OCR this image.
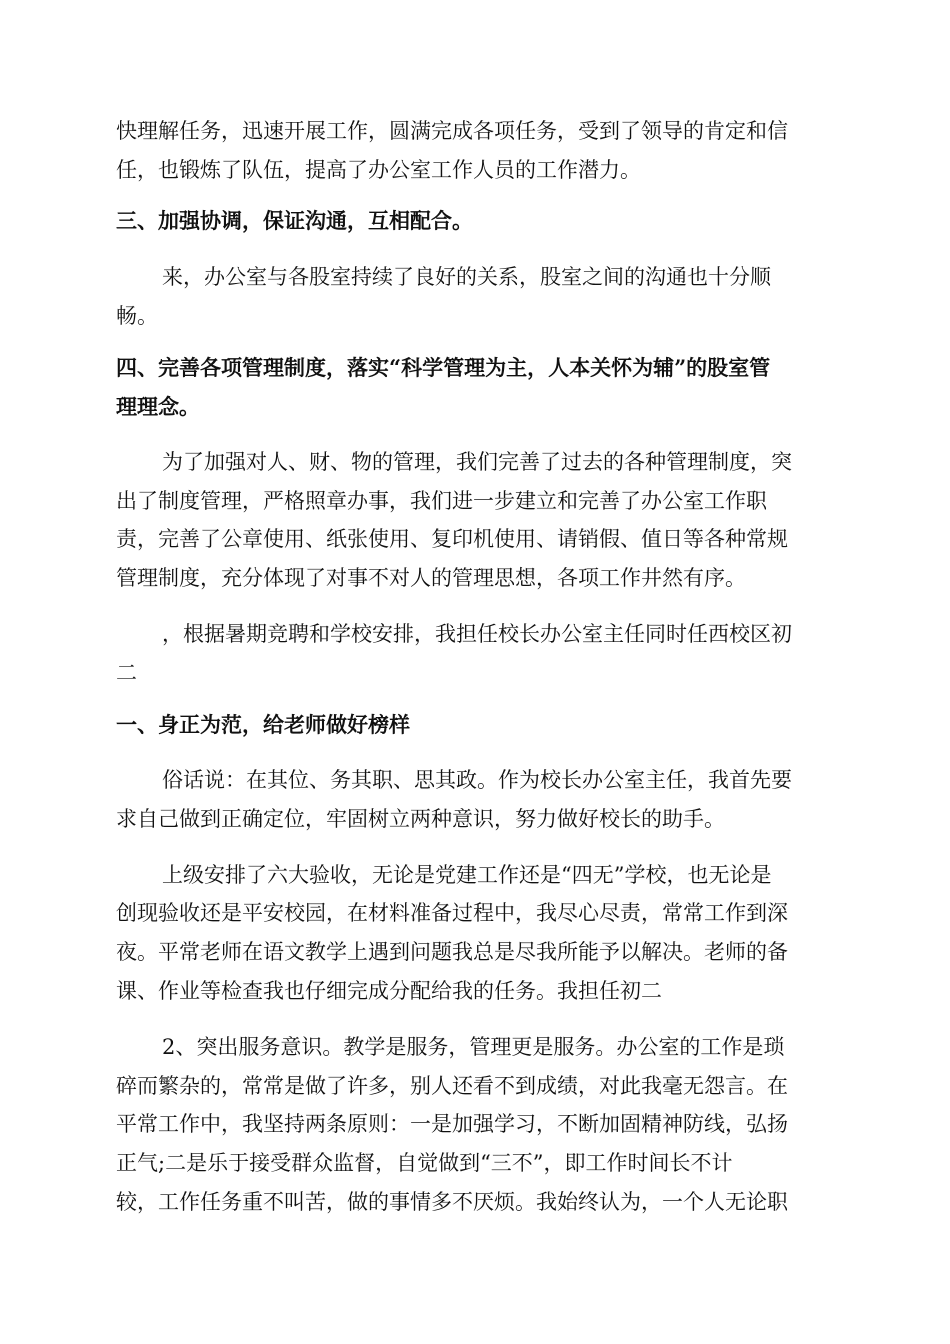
快理解任务，迅速开展工作，圆满完成各项任务，受到了领导的肯定和信
任，也锻炼了队伍，提高了办公室工作人员的工作潜力。
三、加强协调，保证沟通，互相配合。
来，办公室与各股室持续了良好的关系，股室之间的沟通也十分顺
畅。
四、完善各项管理制度，落实“科学管理为主，人本关怀为辅”的股室管
理理念。
为了加强对人、财、物的管理，我们完善了过去的各种管理制度，突
出了制度管理，严格照章办事，我们进一步建立和完善了办公室工作职
责，完善了公章使用、纸张使用、复印机使用、请销假、值日等各种常规
管理制度，充分体现了对事不对人的管理思想，各项工作井然有序。
，根据暑期竞聘和学校安排，我担任校长办公室主任同时任西校区初
二
一、身正为范，给老师做好榜样
俗话说：在其位、务其职、思其政。作为校长办公室主任，我首先要
求自己做到正确定位，牢固树立两种意识，努力做好校长的助手。
上级安排了六大验收，无论是党建工作还是“四无”学校，也无论是
创现验收还是平安校园，在材料准备过程中，我尽心尽责，常常工作到深
夜。平常老师在语文教学上遇到问题我总是尽我所能予以解决。老师的备
课、作业等检查我也仔细完成分配给我的任务。我担任初二
2、突出服务意识。教学是服务，管理更是服务。办公室的工作是琐
碎而繁杂的，常常是做了许多，别人还看不到成绩，对此我毫无怨言。在
平常工作中，我坚持两条原则：一是加强学习，不断加固精神防线，弘扬
正气;二是乐于接受群众监督，自觉做到“三不”，即工作时间长不计
较，工作任务重不叫苦，做的事情多不厌烦。我始终认为，一个人无论职
